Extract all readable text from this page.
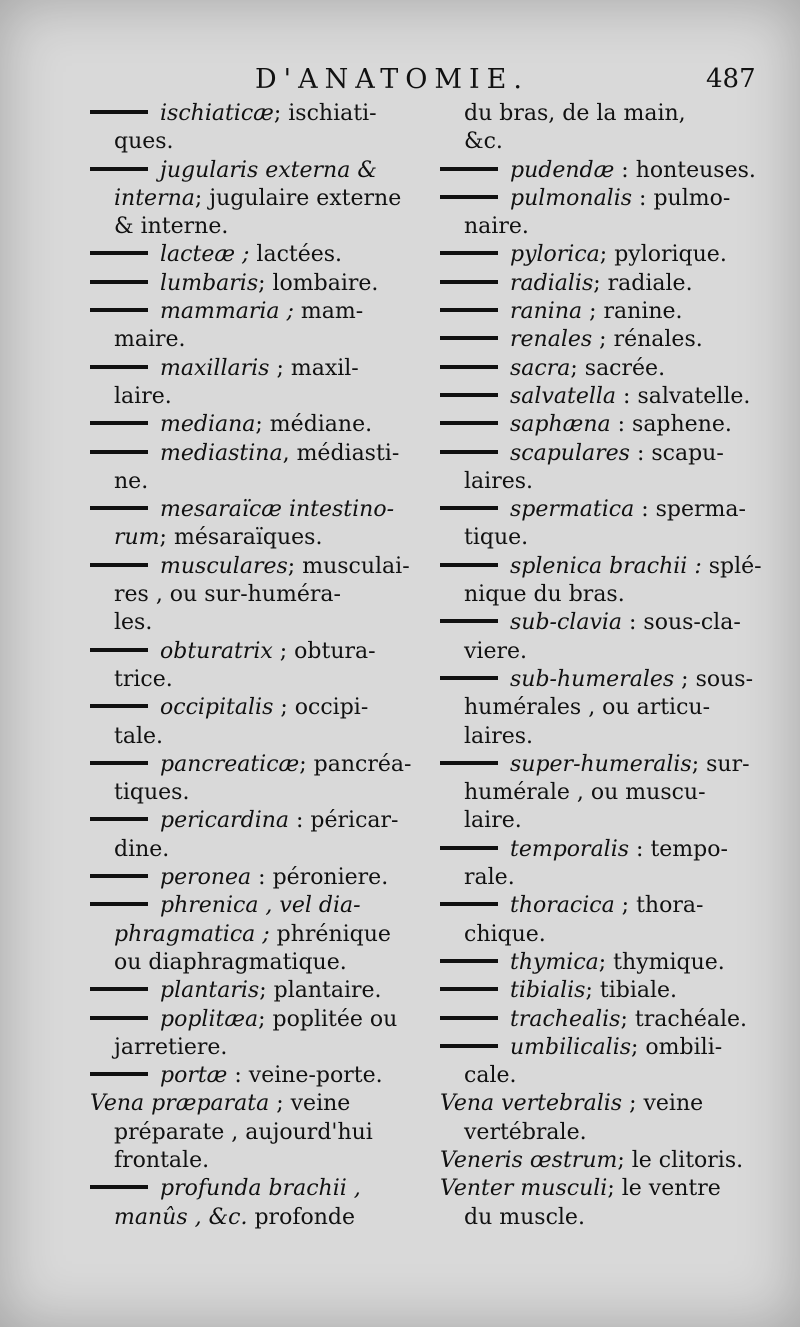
D'ANATOMIE.	487
ischiaticæ; ischiati-
ques.
jugularis externa &
interna; jugulaire externe
& interne.
lacteæ ; lactées.
lumbaris; lombaire.
mammaria ; mam-
maire.
maxillaris ; maxil-
laire.
mediana; médiane.
mediastina, médiasti-
ne.
mesaraïcæ intestino-
rum; mésaraïques.
musculares; musculai-
res , ou sur-huméra-
les.
obturatrix ; obtura-
trice.
occipitalis ; occipi-
tale.
pancreaticæ; pancréa-
tiques.
pericardina : péricar-
dine.
peronea : péroniere.
phrenica , vel dia-
phragmatica ; phrénique
ou diaphragmatique.
plantaris; plantaire.
poplitæa; poplitée ou
jarretiere.
portæ : veine-porte.
Vena præparata ; veine
préparate , aujourd'hui
frontale.
profunda brachii ,
manûs , &c. profonde
du bras, de la main,
&c.
pudendæ : honteuses.
pulmonalis : pulmo-
naire.
pylorica; pylorique.
radialis; radiale.
ranina ; ranine.
renales ; rénales.
sacra; sacrée.
salvatella : salvatelle.
saphæna : saphene.
scapulares : scapu-
laires.
spermatica : sperma-
tique.
splenica brachii : splé-
nique du bras.
sub-clavia : sous-cla-
viere.
sub-humerales ; sous-
humérales , ou articu-
laires.
super-humeralis; sur-
humérale , ou muscu-
laire.
temporalis : tempo-
rale.
thoracica ; thora-
chique.
thymica; thymique.
tibialis; tibiale.
trachealis; trachéale.
umbilicalis; ombili-
cale.
Vena vertebralis ; veine
vertébrale.
Veneris œstrum; le clitoris.
Venter musculi; le ventre
du muscle.
